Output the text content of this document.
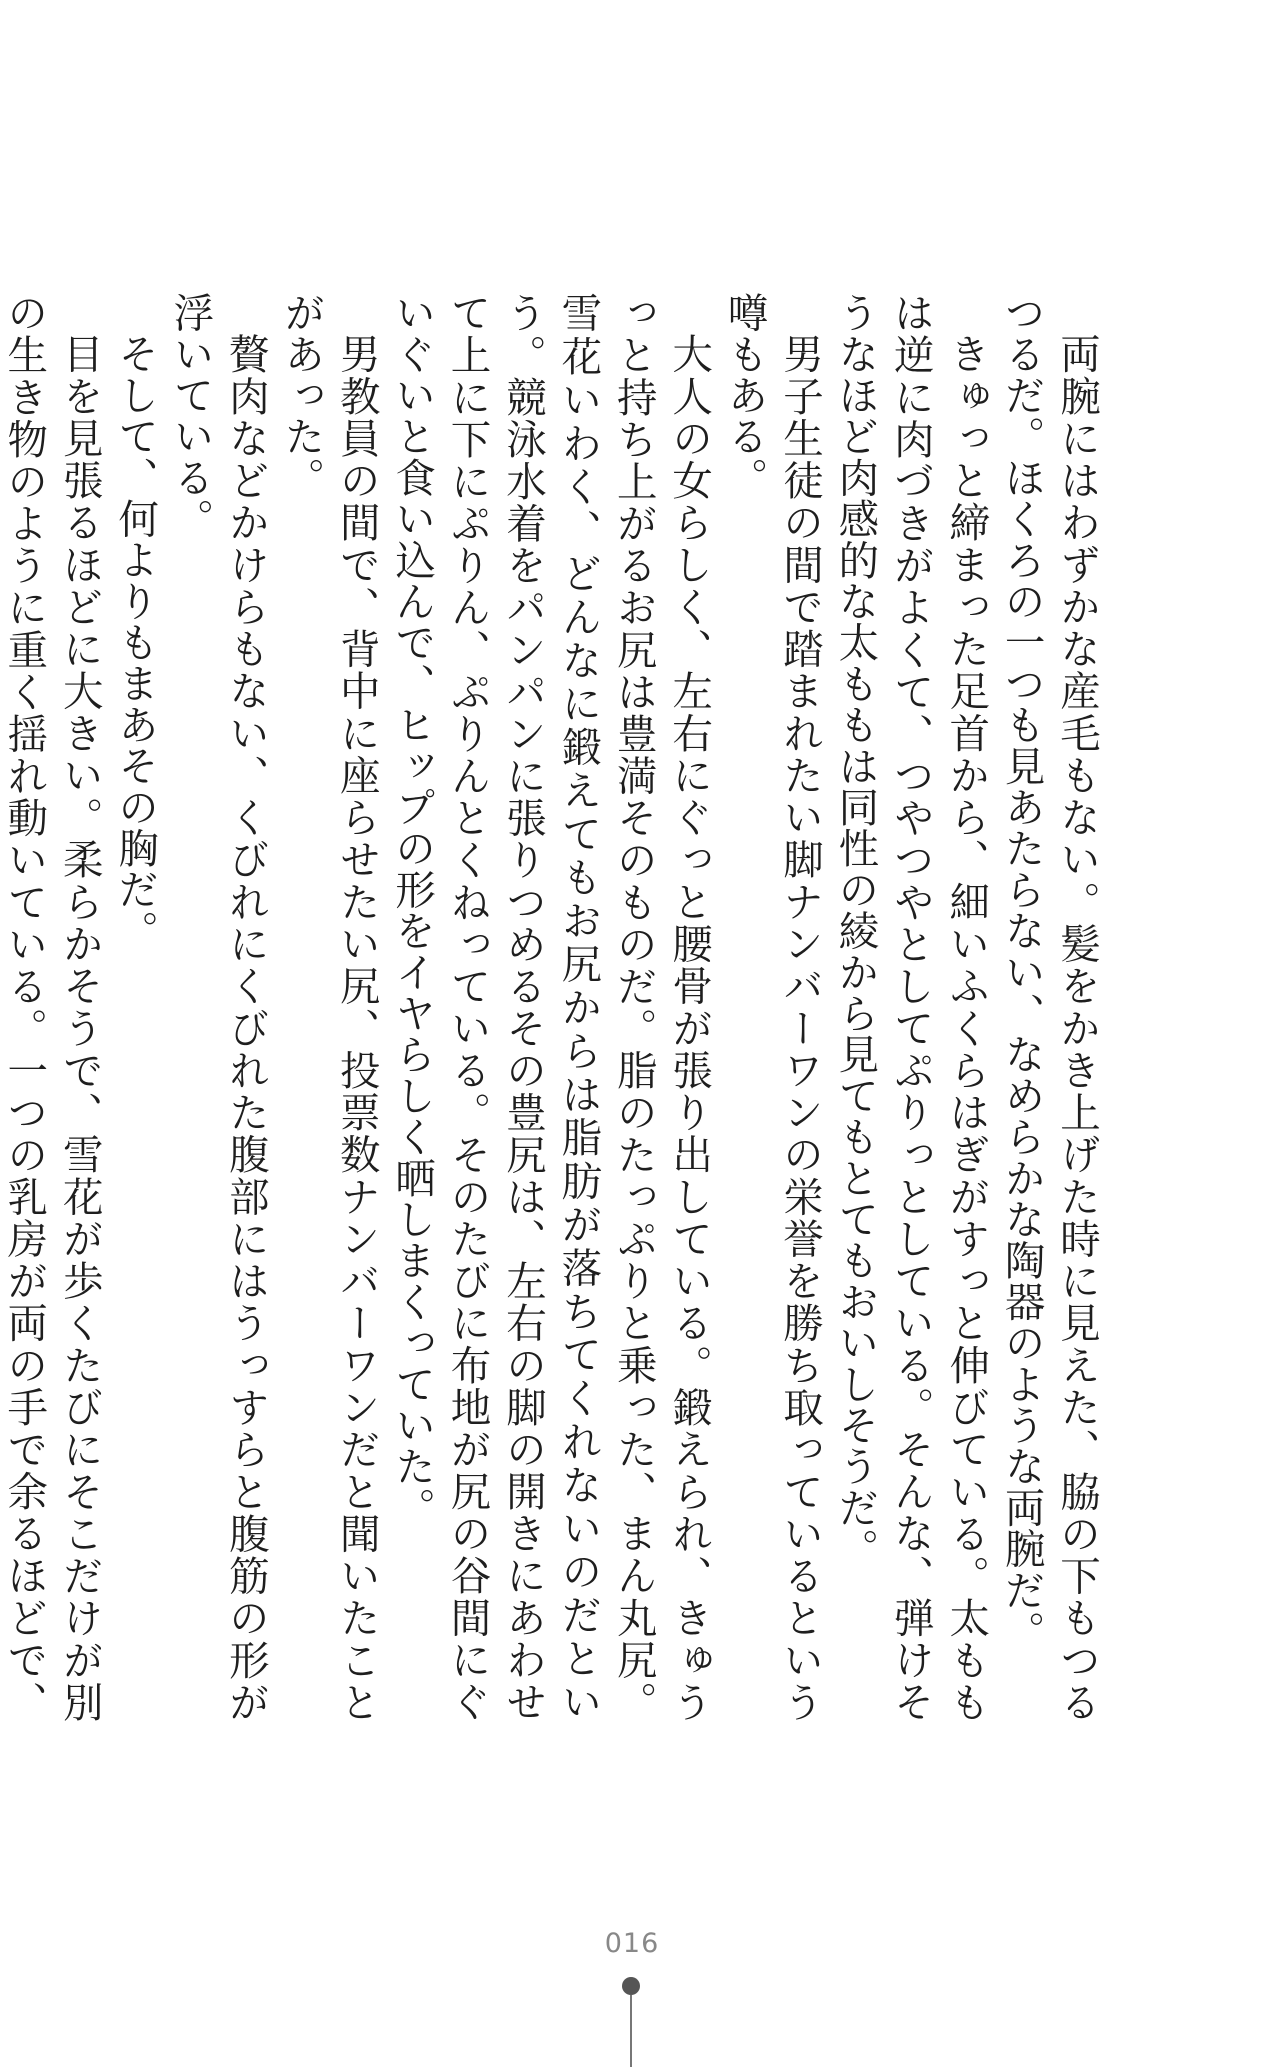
両腕にはわずかな産毛もない。髪をかき上げた時に見えた、脇の下もつるつるだ。ほくろの一つも見あたらない、なめらかな陶器のような両腕だ。

きゅっと締まった足首から、細いふくらはぎがすっと伸びている。太ももは逆に肉づきがよくて、つやつやとしてぷりっとしている。そんな、弾けそうなほど肉感的な太ももは同性の綾から見てもとてもおいしそうだ。

男子生徒の間で踏まれたい脚ナンバーワンの栄誉を勝ち取っているという噂もある。

大人の女らしく、左右にぐっと腰骨が張り出している。鍛えられ、きゅうっと持ち上がるお尻は豊満そのものだ。脂のたっぷりと乗った、まん丸尻。雪花いわく、どんなに鍛えてもお尻からは脂肪が落ちてくれないのだという。競泳水着をパンパンに張りつめるその豊尻は、左右の脚の開きにあわせて上に下にぷりん、ぷりんとくねっている。そのたびに布地が尻の谷間にぐいぐいと食い込んで、ヒップの形をイヤらしく晒しまくっていた。

男教員の間で、背中に座らせたい尻、投票数ナンバーワンだと聞いたことがあった。

贅肉などかけらもない、くびれにくびれた腹部にはうっすらと腹筋の形が浮いている。

そして、何よりもまあその胸だ。

目を見張るほどに大きい。柔らかそうで、雪花が歩くたびにそこだけが別の生き物のように重く揺れ動いている。一つの乳房が両の手で余るほどで、

016
